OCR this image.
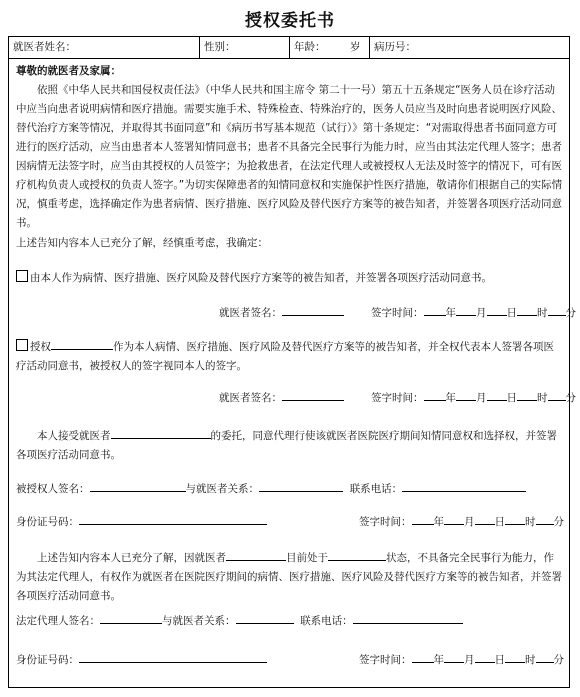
授权委托书
就医者姓名：	性别：	年龄： 岁	病历号：
尊敬的就医者及家属：
依照《中华人民共和国侵权责任法》（中华人民共和国主席令 第二十一号）第五十五条规定“医务人员在诊疗活动中应当向患者说明病情和医疗措施。需要实施手术、特殊检查、特殊治疗的，医务人员应当及时向患者说明医疗风险、替代治疗方案等情况，并取得其书面同意”和《病历书写基本规范（试行）》第十条规定：“对需取得患者书面同意方可进行的医疗活动，应当由患者本人签署知情同意书；患者不具备完全民事行为能力时，应当由其法定代理人签字；患者因病情无法签字时，应当由其授权的人员签字；为抢救患者，在法定代理人或被授权人无法及时签字的情况下，可有医疗机构负责人或授权的负责人签字。”为切实保障患者的知情同意权和实施保护性医疗措施，敬请你们根据自己的实际情况，慎重考虑，选择确定作为患者病情、医疗措施、医疗风险及替代医疗方案等的被告知者，并签署各项医疗活动同意书。
上述告知内容本人已充分了解，经慎重考虑，我确定：
由本人作为病情、医疗措施、医疗风险及替代医疗方案等的被告知者，并签署各项医疗活动同意书。
就医者签名：	签字时间： 年 月 日 时 分
授权	作为本人病情、医疗措施、医疗风险及替代医疗方案等的被告知者，并全权代表本人签署各项医疗活动同意书，被授权人的签字视同本人的签字。
就医者签名：	签字时间： 年 月 日 时 分
本人接受就医者	的委托，同意代理行使该就医者医院医疗期间知情同意权和选择权，并签署各项医疗活动同意书。
被授权人签名：	与就医者关系：	联系电话：
身份证号码：	签字时间： 年 月 日 时 分
上述告知内容本人已充分了解，因就医者	目前处于	状态，不具备完全民事行为能力，作为其法定代理人，有权作为就医者在医院医疗期间的病情、医疗措施、医疗风险及替代医疗方案等的被告知者，并签署各项医疗活动同意书。
法定代理人签名：	与就医者关系：	联系电话：
身份证号码：	签字时间： 年 月 日 时 分
